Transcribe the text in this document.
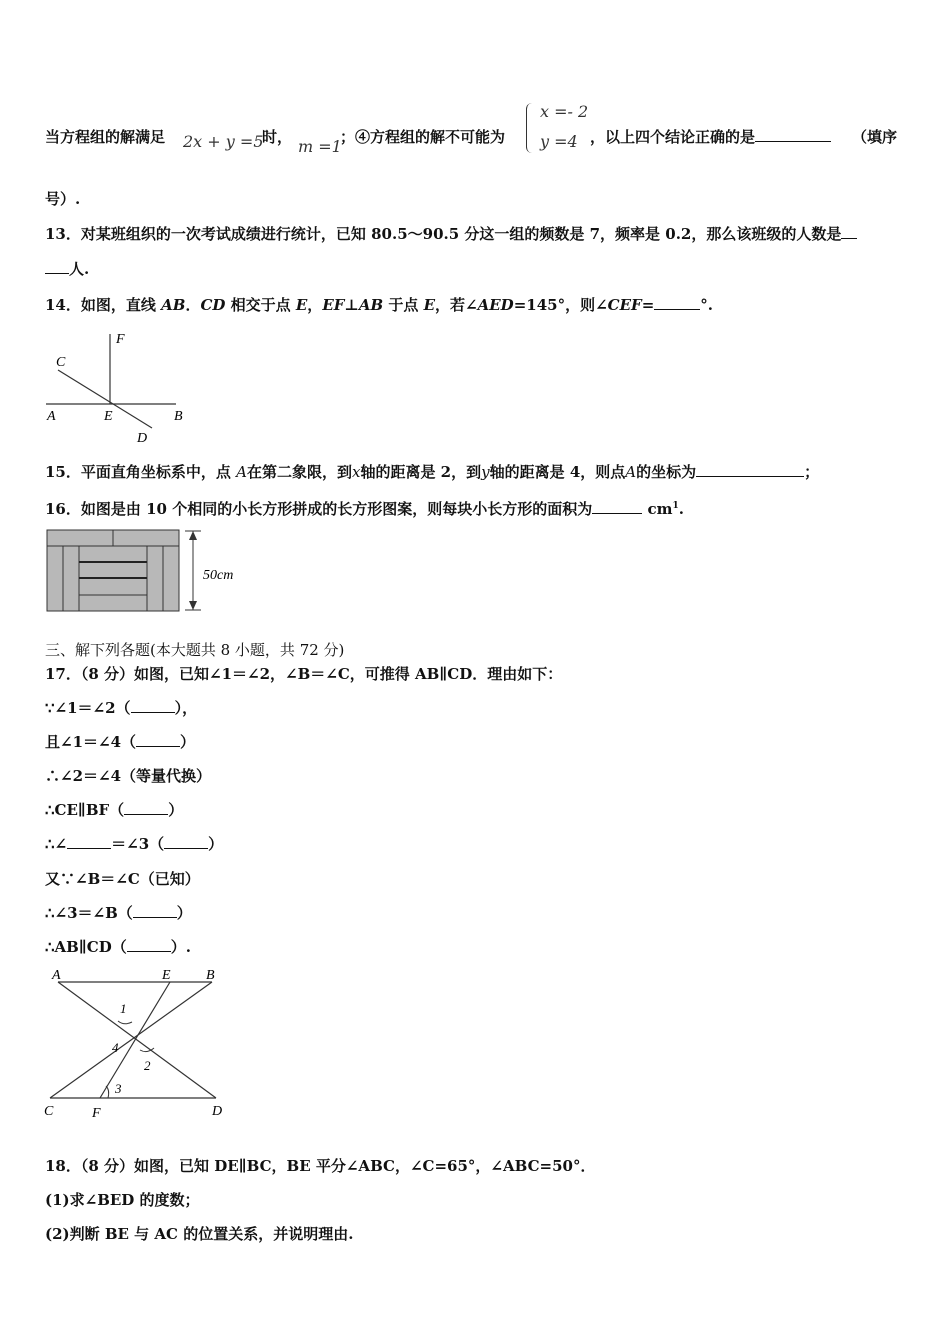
当方程组的解满足 2x + y =5
时， m =1
；④方程组的解不可能为
x =- 2
y =4 ，以上四个结论正确的是	（填序
号）.
13．对某班组织的一次考试成绩进行统计，已知 80.5～90.5 分这一组的频数是 7，频率是 0.2，那么该班级的人数是
人.
14．如图，直线 AB．CD 相交于点 E，EF⊥AB 于点 E，若∠AED=145°，则∠CEF=	°.
C
F
A	E	B
D
15．平面直角坐标系中，点 A在第二象限，到x轴的距离是 2，到y轴的距离是 4，则点A的坐标为	；
16．如图是由 10 个相同的小长方形拼成的长方形图案，则每块小长方形的面积为	$cm^1$.
50cm
三、解下列各题(本大题共 8 小题，共 72 分)
17．（8 分）如图，已知∠1＝∠2，∠B＝∠C，可推得 AB∥CD．理由如下：
∵∠1＝∠2（	），
且∠1＝∠4（	）
∴∠2＝∠4（等量代换）
∴CE∥BF（	）
∴∠	＝∠3（	）
又∵∠B＝∠C（已知）
∴∠3＝∠B（	）
∴AB∥CD（	）.
A	E	B
1
4
2
3
C	F	D
18．（8 分）如图，已知 DE∥BC，BE 平分∠ABC，∠C=65°，∠ABC=50°．
(1)求∠BED 的度数；
(2)判断 BE 与 AC 的位置关系，并说明理由.
